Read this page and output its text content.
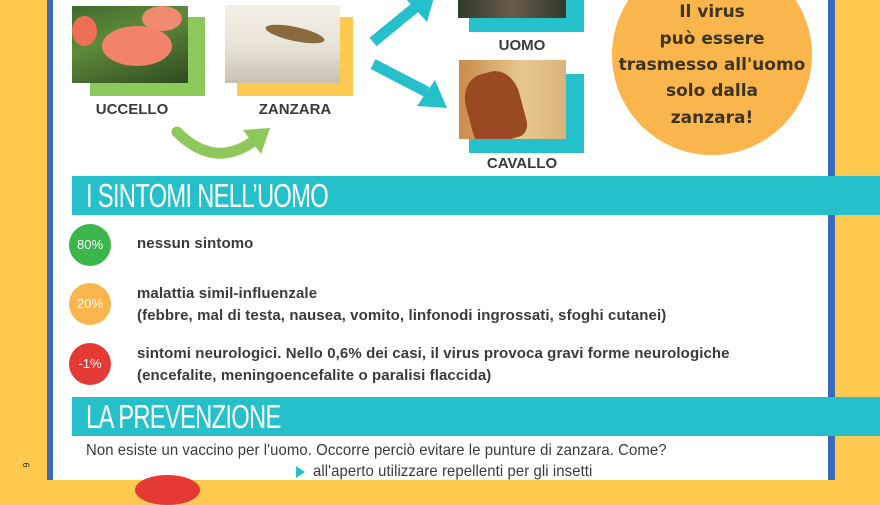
9
UCCELLO	ZANZARA
UOMO
CAVALLO
Il virus
può essere
trasmesso all'uomo
solo dalla
zanzara!
I SINTOMI NELL’UOMO
80%	nessun sintomo
20%
malattia simil-influenzale
(febbre, mal di testa, nausea, vomito, linfonodi ingrossati, sfoghi cutanei)
-1%
sintomi neurologici. Nello 0,6% dei casi, il virus provoca gravi forme neurologiche
(encefalite, meningoencefalite o paralisi flaccida)
LA PREVENZIONE
Non esiste un vaccino per l'uomo. Occorre perciò evitare le punture di zanzara. Come?
all'aperto utilizzare repellenti per gli insetti
